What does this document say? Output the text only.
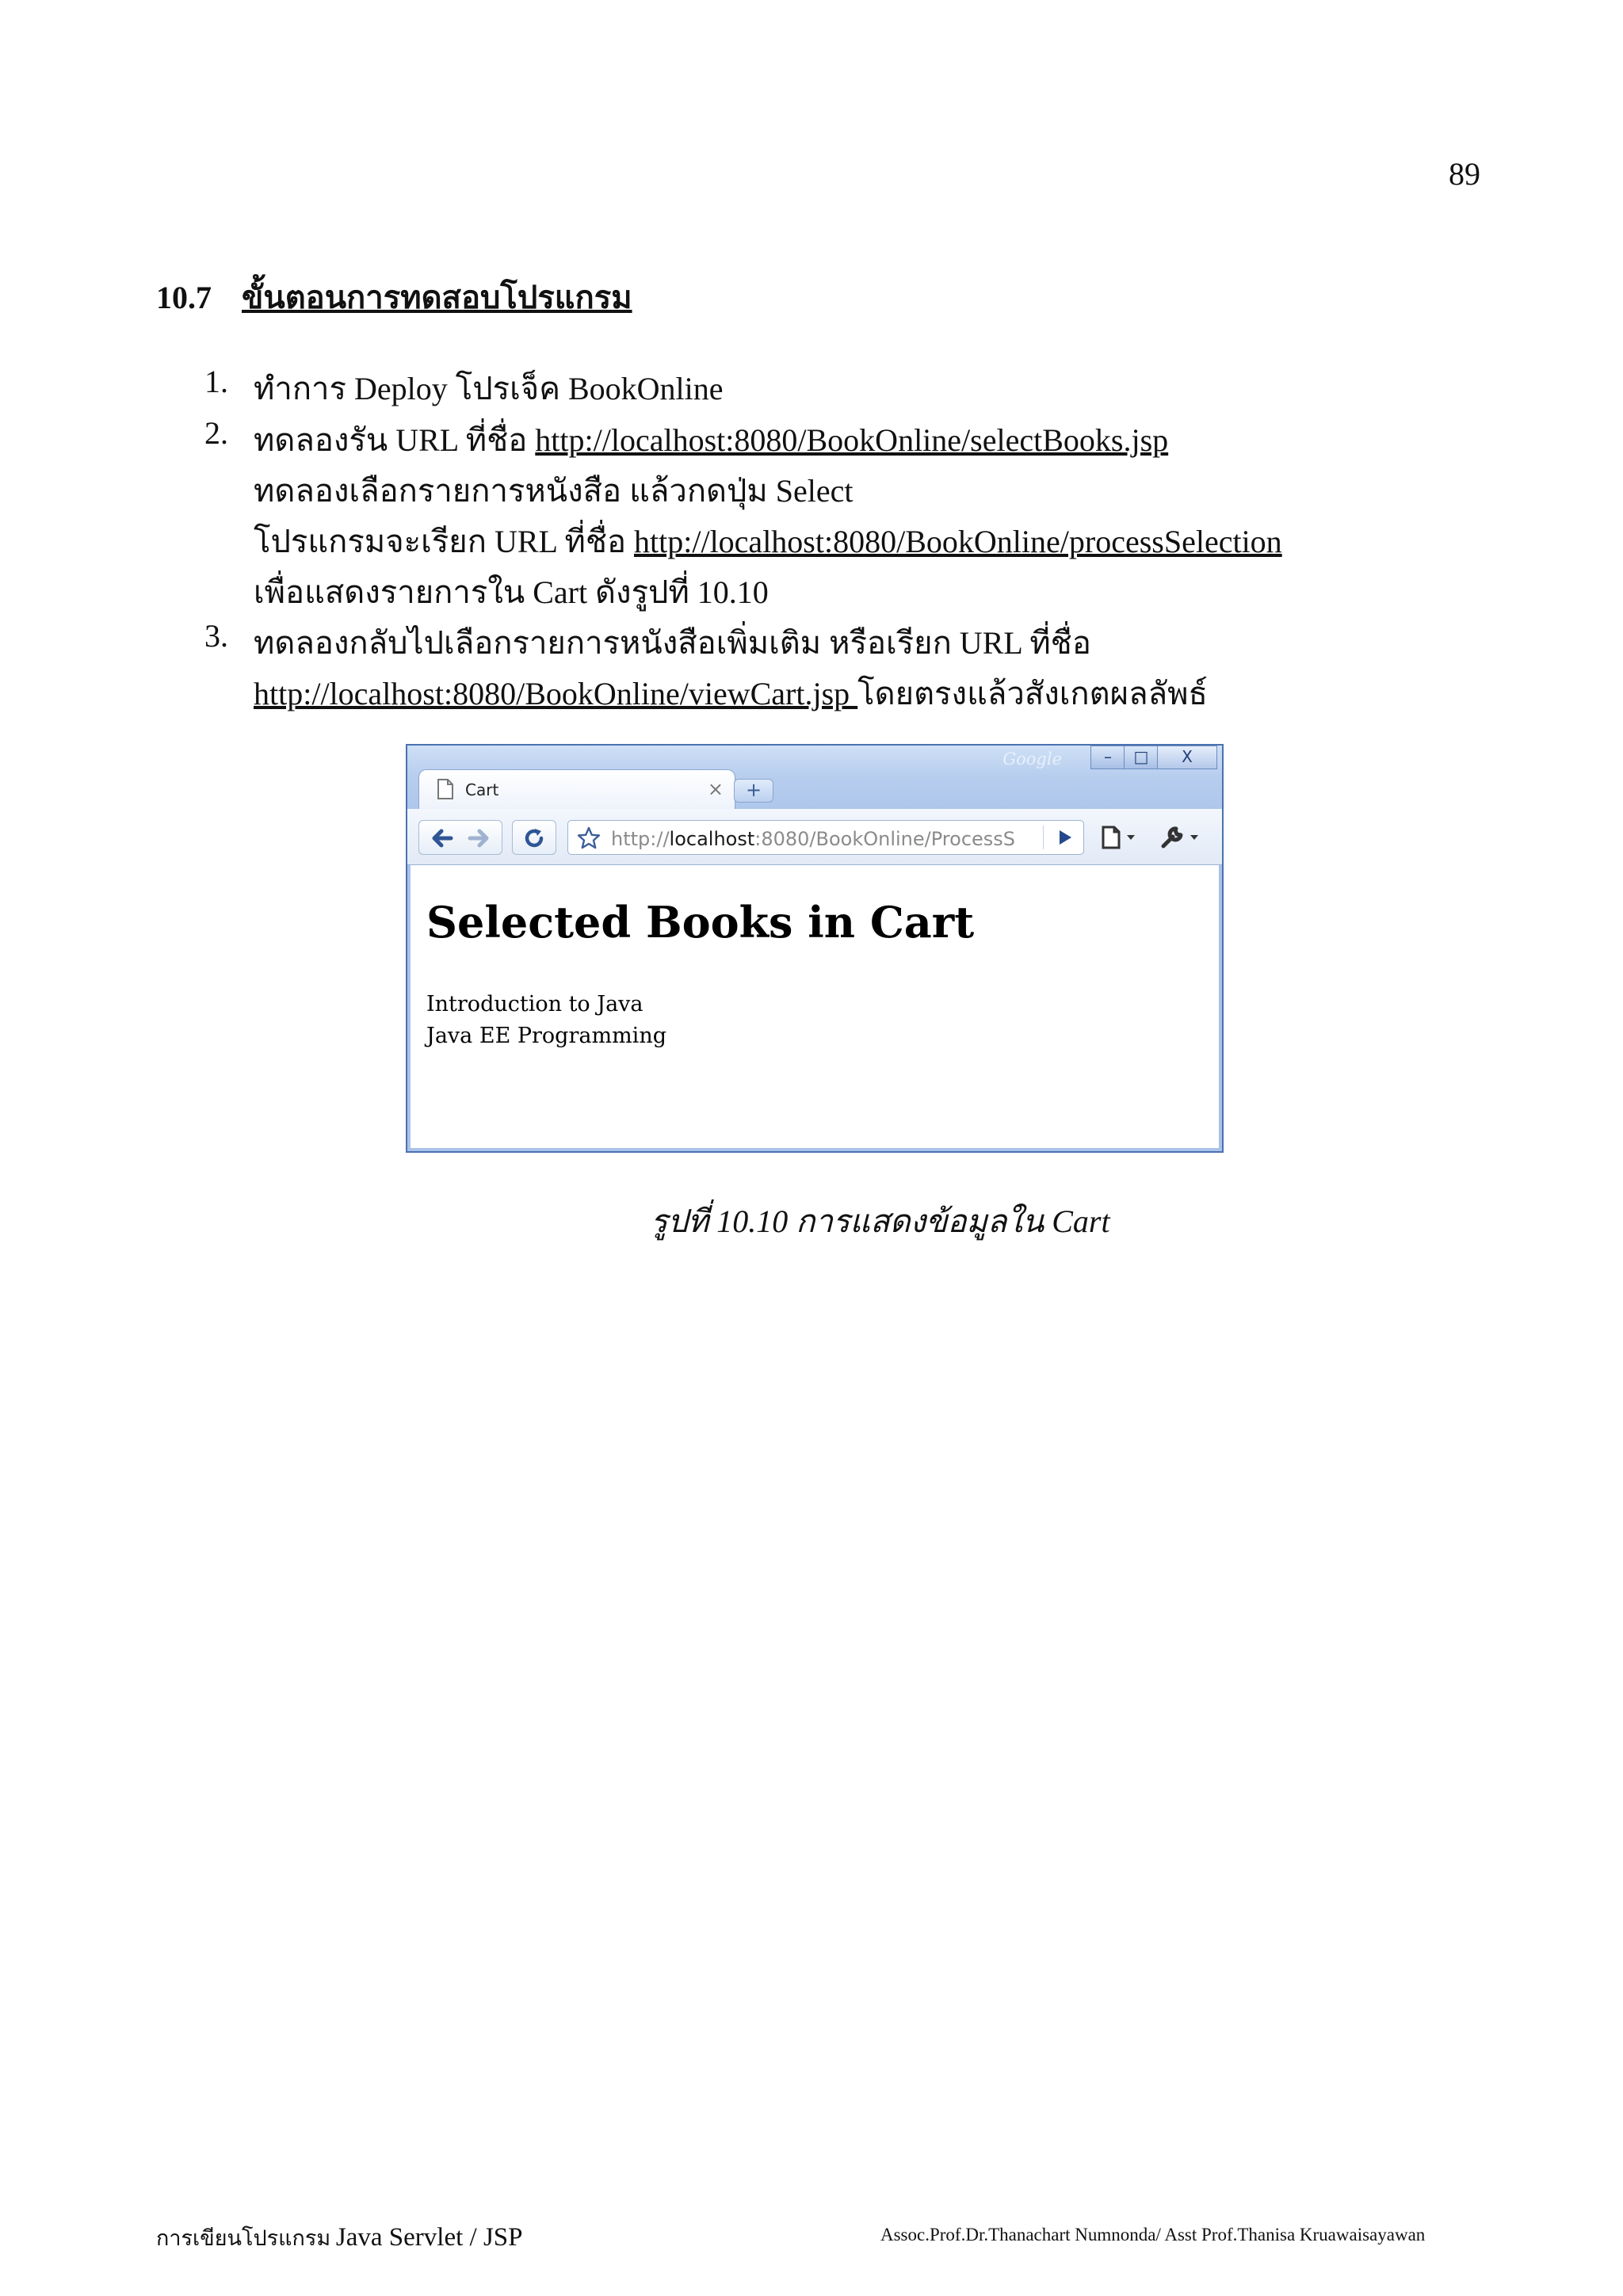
89
10.7 ขั้นตอนการทดสอบโปรแกรม
1. ทำการ Deploy โปรเจ็ค BookOnline
2. ทดลองรัน URL ที่ชื่อ http://localhost:8080/BookOnline/selectBooks.jsp
ทดลองเลือกรายการหนังสือ แล้วกดปุ่ม Select
โปรแกรมจะเรียก URL ที่ชื่อ http://localhost:8080/BookOnline/processSelection
เพื่อแสดงรายการใน Cart ดังรูปที่ 10.10
3. ทดลองกลับไปเลือกรายการหนังสือเพิ่มเติม หรือเรียก URL ที่ชื่อ
http://localhost:8080/BookOnline/viewCart.jsp โดยตรงแล้วสังเกตผลลัพธ์
Google	–	□	X
Cart	×	+
http://localhost:8080/BookOnline/ProcessS
Selected Books in Cart
Introduction to Java
Java EE Programming
รูปที่ 10.10 การแสดงข้อมูลใน Cart
การเขียนโปรแกรม Java Servlet / JSP	Assoc.Prof.Dr.Thanachart Numnonda/ Asst Prof.Thanisa Kruawaisayawan
